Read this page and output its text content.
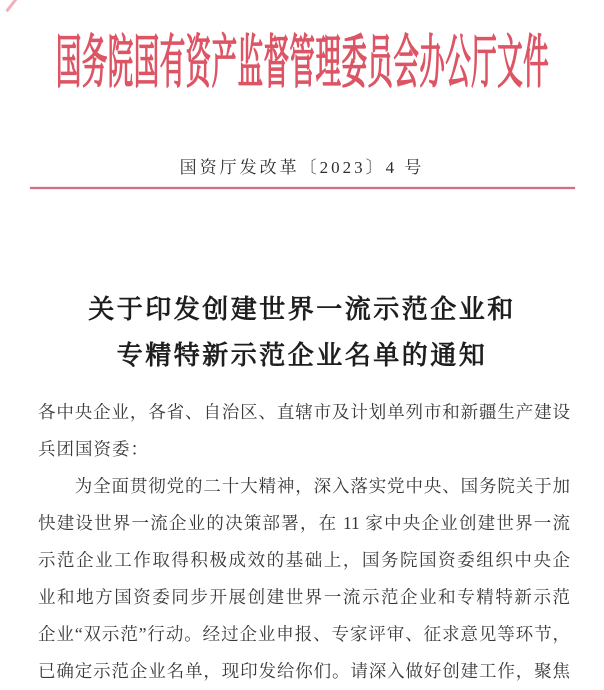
国务院国有资产监督管理委员会办公厅文件
国资厅发改革〔2023〕4 号
关于印发创建世界一流示范企业和
专精特新示范企业名单的通知
各中央企业，各省、自治区、直辖市及计划单列市和新疆生产建设
兵团国资委：
　　为全面贯彻党的二十大精神，深入落实党中央、国务院关于加
快建设世界一流企业的决策部署，在 11 家中央企业创建世界一流
示范企业工作取得积极成效的基础上，国务院国资委组织中央企
业和地方国资委同步开展创建世界一流示范企业和专精特新示范
企业“双示范”行动。经过企业申报、专家评审、征求意见等环节，
已确定示范企业名单，现印发给你们。请深入做好创建工作，聚焦
